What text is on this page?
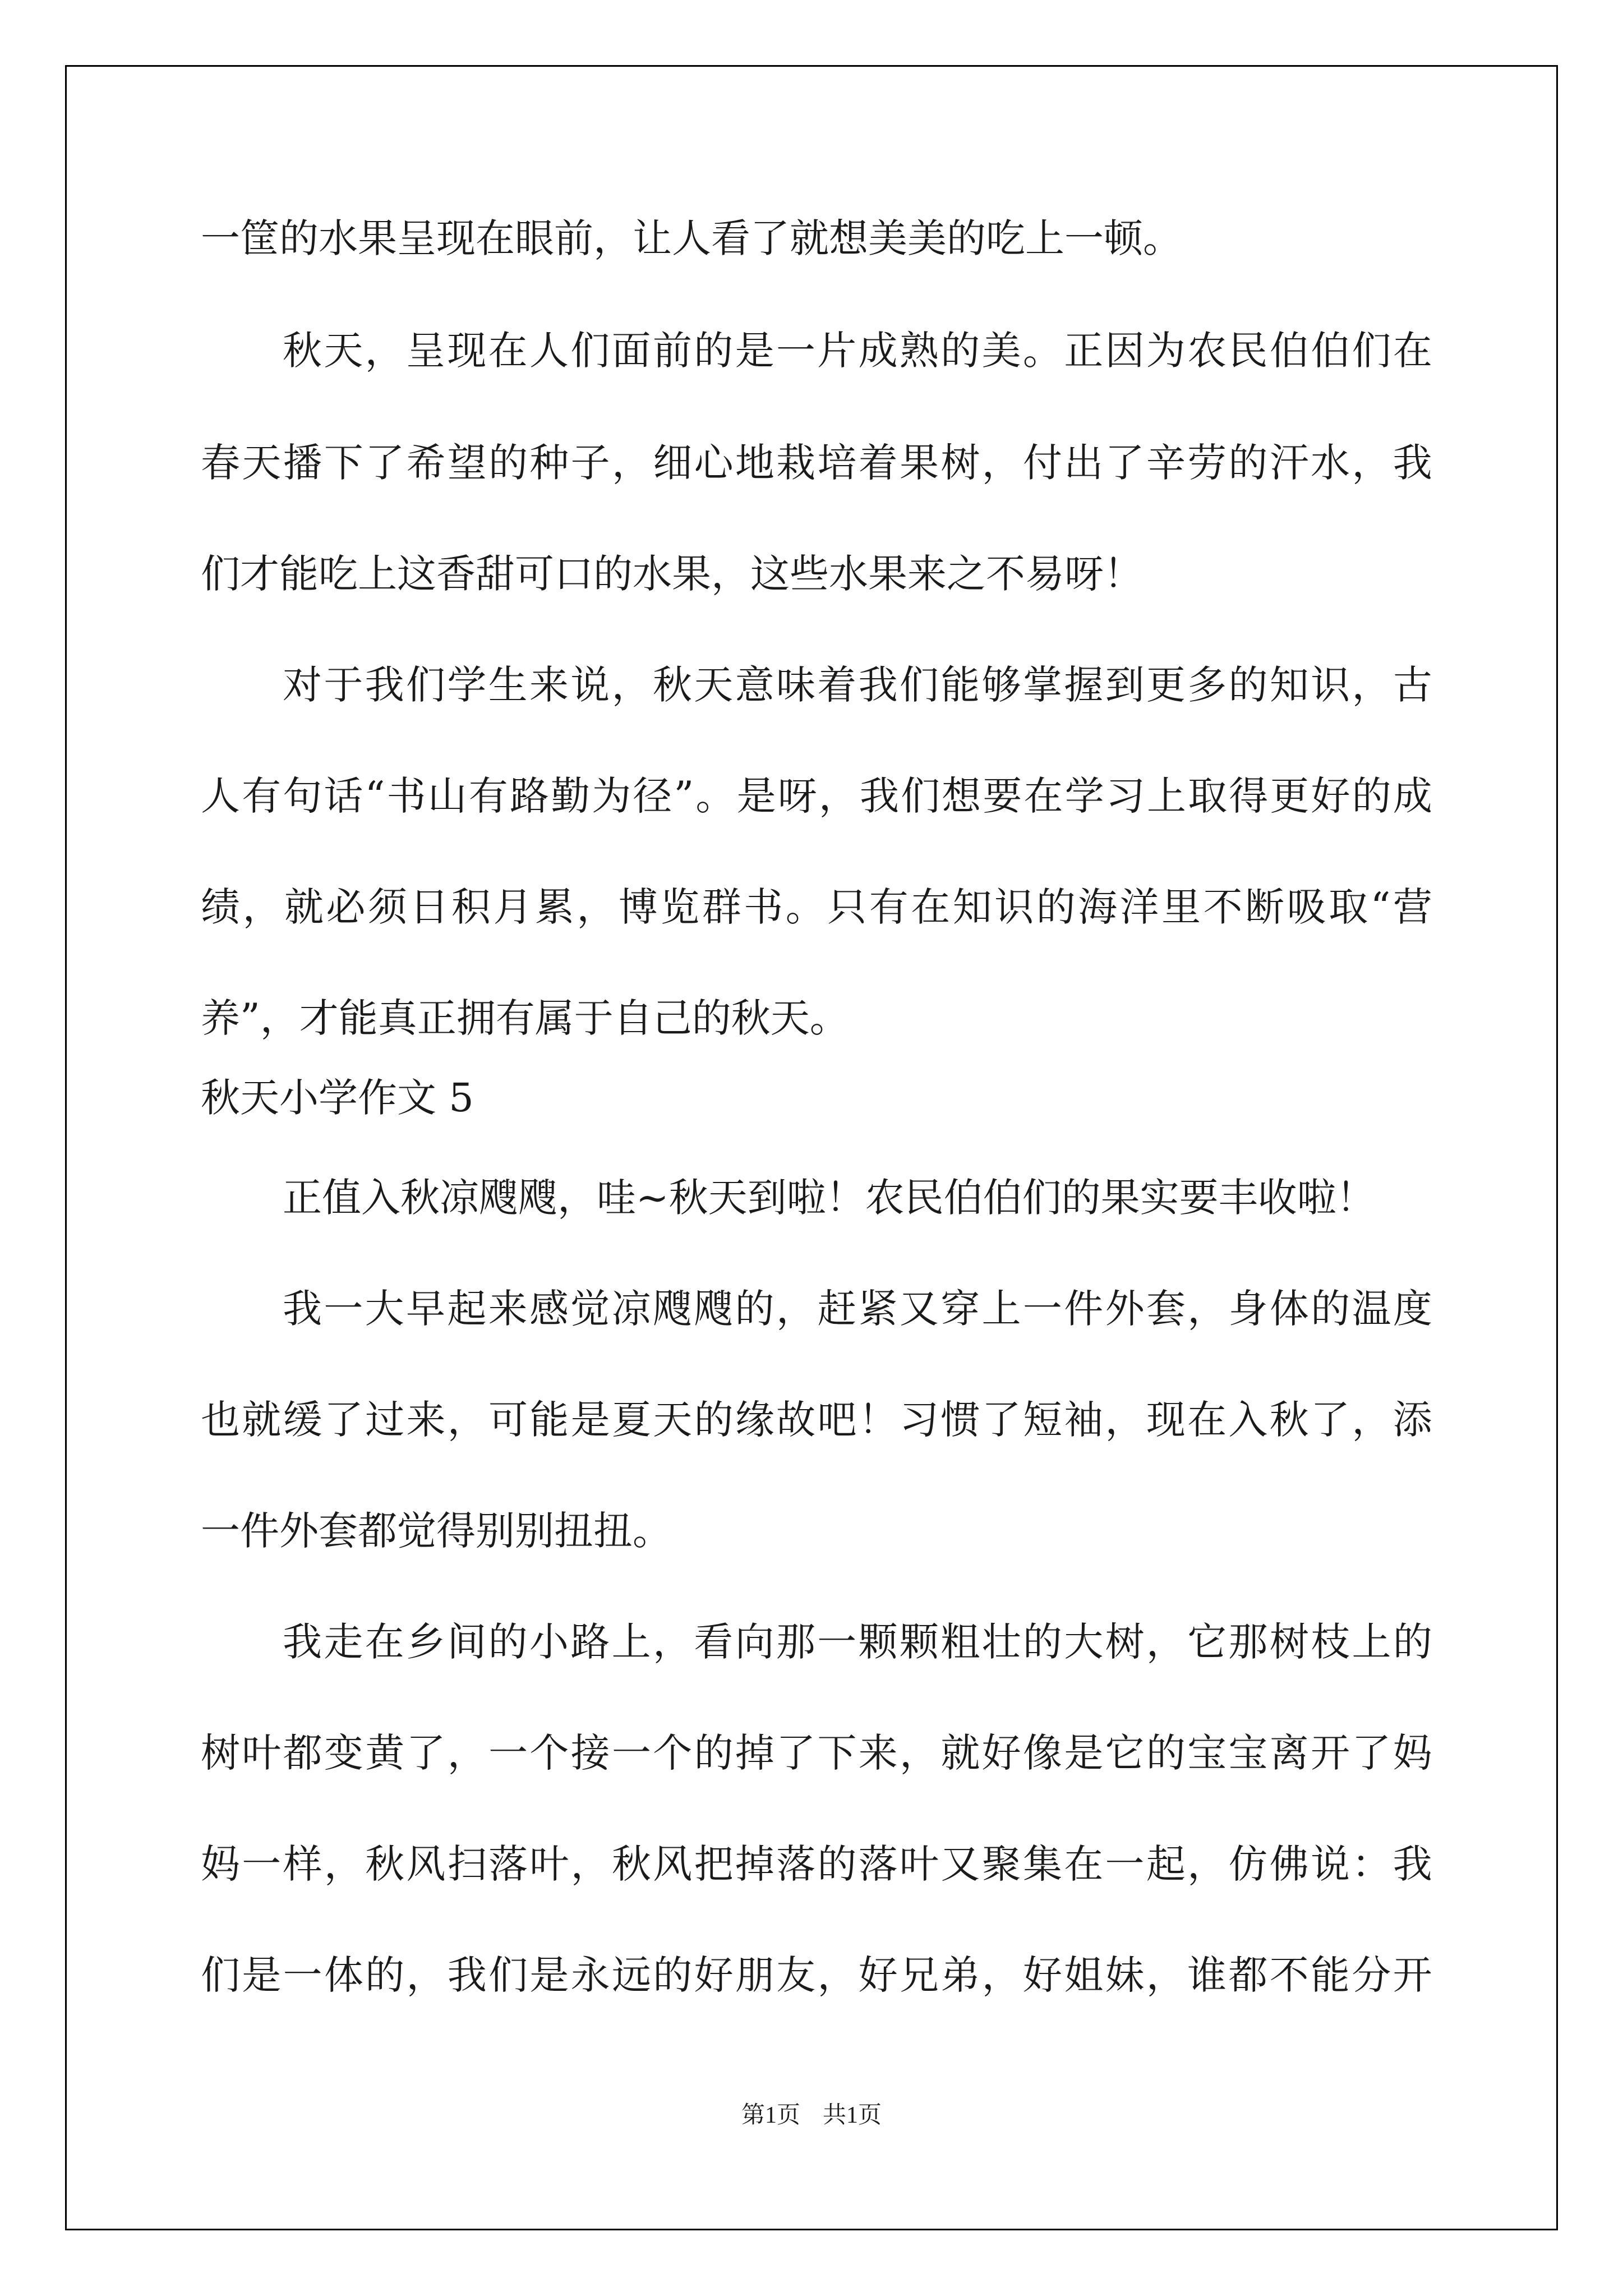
一筐的水果呈现在眼前，让人看了就想美美的吃上一顿。
秋 天 ， 呈 现 在 人 们 面 前 的 是 一 片 成 熟 的 美 。 正 因 为 农 民 伯 伯 们 在
春 天 播 下 了 希 望 的 种 子 ， 细 心 地 栽 培 着 果 树 ， 付 出 了 辛 劳 的 汗 水 ， 我
们才能吃上这香甜可口的水果，这些水果来之不易呀！
对 于 我 们 学 生 来 说 ， 秋 天 意 味 着 我 们 能 够 掌 握 到 更 多 的 知 识 ， 古
人 有 句 话 “ 书 山 有 路 勤 为 径 ” 。 是 呀 ， 我 们 想 要 在 学 习 上 取 得 更 好 的 成
绩 ， 就 必 须 日 积 月 累 ， 博 览 群 书 。 只 有 在 知 识 的 海 洋 里 不 断 吸 取 “ 营
养”，才能真正拥有属于自己的秋天。
秋天小学作文 5
正值入秋凉飕飕，哇~秋天到啦！农民伯伯们的果实要丰收啦！
我 一 大 早 起 来 感 觉 凉 飕 飕 的 ， 赶 紧 又 穿 上 一 件 外 套 ， 身 体 的 温 度
也 就 缓 了 过 来 ， 可 能 是 夏 天 的 缘 故 吧 ！ 习 惯 了 短 袖 ， 现 在 入 秋 了 ， 添
一件外套都觉得别别扭扭。
我 走 在 乡 间 的 小 路 上 ， 看 向 那 一 颗 颗 粗 壮 的 大 树 ， 它 那 树 枝 上 的
树 叶 都 变 黄 了 ， 一 个 接 一 个 的 掉 了 下 来 ， 就 好 像 是 它 的 宝 宝 离 开 了 妈
妈 一 样 ， 秋 风 扫 落 叶 ， 秋 风 把 掉 落 的 落 叶 又 聚 集 在 一 起 ， 仿 佛 说 ： 我
们 是 一 体 的 ， 我 们 是 永 远 的 好 朋 友 ， 好 兄 弟 ， 好 姐 妹 ， 谁 都 不 能 分 开
第1页 共1页
